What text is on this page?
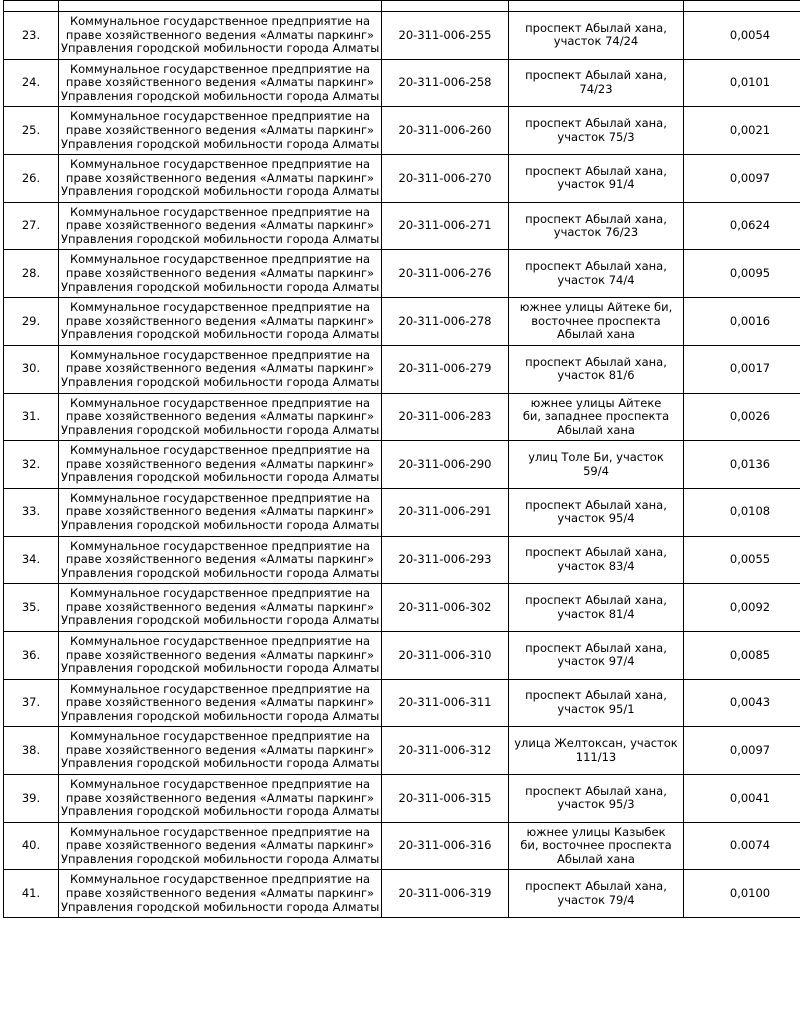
23.	Коммунальное государственное предприятие на
праве хозяйственного ведения «Алматы паркинг»
Управления городской мобильности города Алматы	20-311-006-255	проспект Абылай хана,
участок 74/24	0,0054
24.	Коммунальное государственное предприятие на
праве хозяйственного ведения «Алматы паркинг»
Управления городской мобильности города Алматы	20-311-006-258	проспект Абылай хана,
74/23	0,0101
25.	Коммунальное государственное предприятие на
праве хозяйственного ведения «Алматы паркинг»
Управления городской мобильности города Алматы	20-311-006-260	проспект Абылай хана,
участок 75/3	0,0021
26.	Коммунальное государственное предприятие на
праве хозяйственного ведения «Алматы паркинг»
Управления городской мобильности города Алматы	20-311-006-270	проспект Абылай хана,
участок 91/4	0,0097
27.	Коммунальное государственное предприятие на
праве хозяйственного ведения «Алматы паркинг»
Управления городской мобильности города Алматы	20-311-006-271	проспект Абылай хана,
участок 76/23	0,0624
28.	Коммунальное государственное предприятие на
праве хозяйственного ведения «Алматы паркинг»
Управления городской мобильности города Алматы	20-311-006-276	проспект Абылай хана,
участок 74/4	0,0095
29.	Коммунальное государственное предприятие на
праве хозяйственного ведения «Алматы паркинг»
Управления городской мобильности города Алматы	20-311-006-278	южнее улицы Айтеке би,
восточнее проспекта
Абылай хана	0,0016
30.	Коммунальное государственное предприятие на
праве хозяйственного ведения «Алматы паркинг»
Управления городской мобильности города Алматы	20-311-006-279	проспект Абылай хана,
участок 81/6	0,0017
31.	Коммунальное государственное предприятие на
праве хозяйственного ведения «Алматы паркинг»
Управления городской мобильности города Алматы	20-311-006-283	южнее улицы Айтеке
би, западнее проспекта
Абылай хана	0,0026
32.	Коммунальное государственное предприятие на
праве хозяйственного ведения «Алматы паркинг»
Управления городской мобильности города Алматы	20-311-006-290	улиц Толе Би, участок
59/4	0,0136
33.	Коммунальное государственное предприятие на
праве хозяйственного ведения «Алматы паркинг»
Управления городской мобильности города Алматы	20-311-006-291	проспект Абылай хана,
участок 95/4	0,0108
34.	Коммунальное государственное предприятие на
праве хозяйственного ведения «Алматы паркинг»
Управления городской мобильности города Алматы	20-311-006-293	проспект Абылай хана,
участок 83/4	0,0055
35.	Коммунальное государственное предприятие на
праве хозяйственного ведения «Алматы паркинг»
Управления городской мобильности города Алматы	20-311-006-302	проспект Абылай хана,
участок 81/4	0,0092
36.	Коммунальное государственное предприятие на
праве хозяйственного ведения «Алматы паркинг»
Управления городской мобильности города Алматы	20-311-006-310	проспект Абылай хана,
участок 97/4	0,0085
37.	Коммунальное государственное предприятие на
праве хозяйственного ведения «Алматы паркинг»
Управления городской мобильности города Алматы	20-311-006-311	проспект Абылай хана,
участок 95/1	0,0043
38.	Коммунальное государственное предприятие на
праве хозяйственного ведения «Алматы паркинг»
Управления городской мобильности города Алматы	20-311-006-312	улица Желтоксан, участок
111/13	0,0097
39.	Коммунальное государственное предприятие на
праве хозяйственного ведения «Алматы паркинг»
Управления городской мобильности города Алматы	20-311-006-315	проспект Абылай хана,
участок 95/3	0,0041
40.	Коммунальное государственное предприятие на
праве хозяйственного ведения «Алматы паркинг»
Управления городской мобильности города Алматы	20-311-006-316	южнее улицы Казыбек
би, восточнее проспекта
Абылай хана	0.0074
41.	Коммунальное государственное предприятие на
праве хозяйственного ведения «Алматы паркинг»
Управления городской мобильности города Алматы	20-311-006-319	проспект Абылай хана,
участок 79/4	0,0100
